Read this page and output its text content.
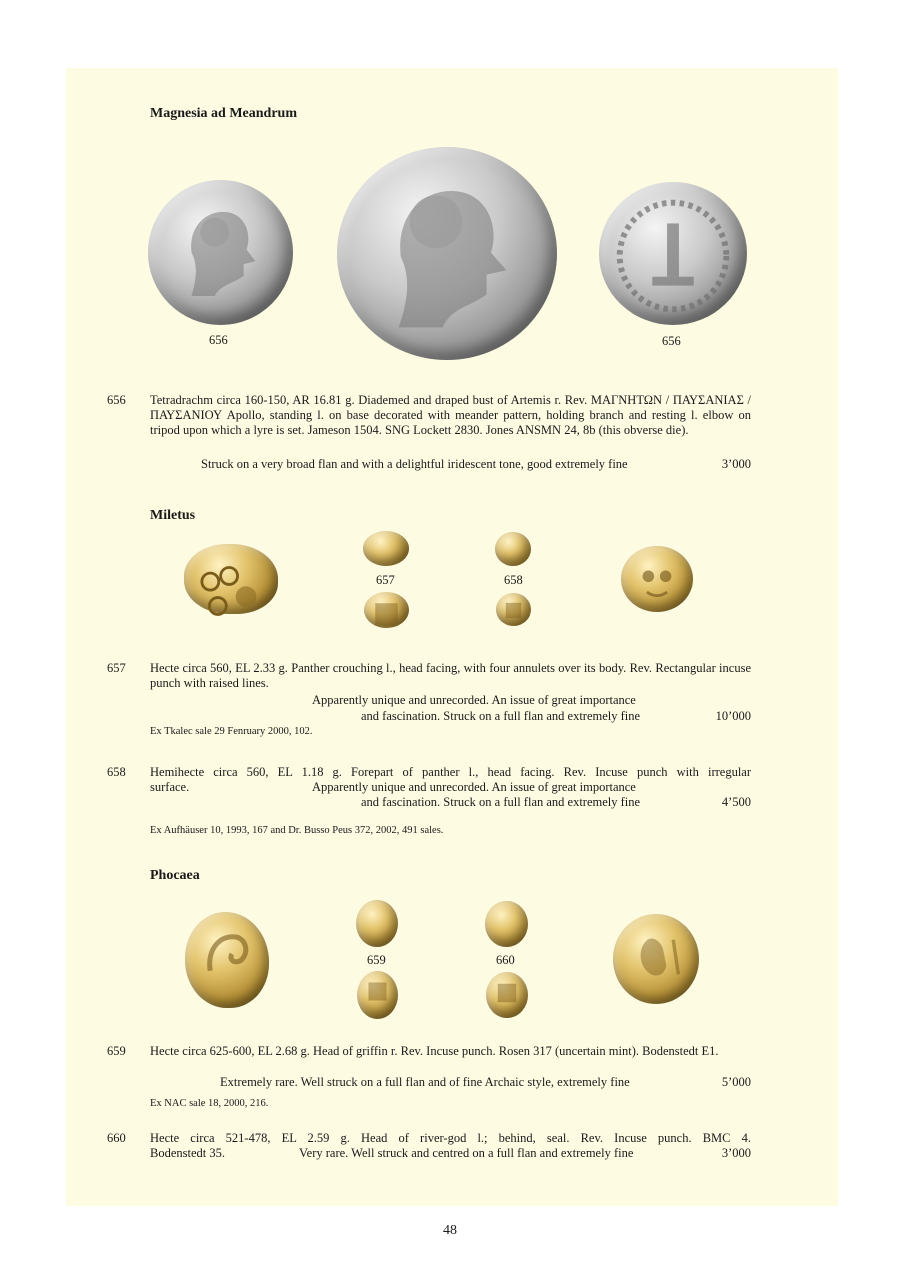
Magnesia ad Meandrum
656	656
656 Tetradrachm circa 160-150, AR 16.81 g. Diademed and draped bust of Artemis r. Rev. ΜΑΓΝΗΤΩΝ / ΠΑΥΣΑΝΙΑΣ / ΠΑΥΣΑΝΙΟΥ Apollo, standing l. on base decorated with meander pattern, holding branch and resting l. elbow on tripod upon which a lyre is set. Jameson 1504. SNG Lockett 2830. Jones ANSMN 24, 8b (this obverse die).
Struck on a very broad flan and with a delightful iridescent tone, good extremely fine	3’000
Miletus
657	658
657 Hecte circa 560, EL 2.33 g. Panther crouching l., head facing, with four annulets over its body. Rev. Rectangular incuse punch with raised lines.
Apparently unique and unrecorded. An issue of great importance
and fascination. Struck on a full flan and extremely fine	10’000
Ex Tkalec sale 29 Fenruary 2000, 102.
658 Hemihecte circa 560, EL 1.18 g. Forepart of panther l., head facing. Rev. Incuse punch with irregular
surface.	Apparently unique and unrecorded. An issue of great importance
and fascination. Struck on a full flan and extremely fine	4’500
Ex Aufhäuser 10, 1993, 167 and Dr. Busso Peus 372, 2002, 491 sales.
Phocaea
659	660
659 Hecte circa 625-600, EL 2.68 g. Head of griffin r. Rev. Incuse punch. Rosen 317 (uncertain mint). Bodenstedt E1.
Extremely rare. Well struck on a full flan and of fine Archaic style, extremely fine	5’000
Ex NAC sale 18, 2000, 216.
660 Hecte circa 521-478, EL 2.59 g. Head of river-god l.; behind, seal. Rev. Incuse punch. BMC 4.
Bodenstedt 35.	Very rare. Well struck and centred on a full flan and extremely fine	3’000
48
